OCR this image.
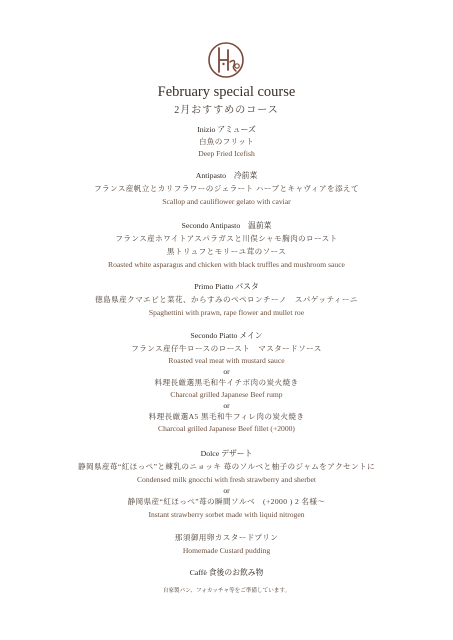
February special course
2月おすすめのコース
Inizio アミューズ
白魚のフリット
Deep Fried Icefish
Antipasto　冷前菜
フランス産帆立とカリフラワーのジェラート ハーブとキャヴィアを添えて
Scallop and cauliflower gelato with caviar
Secondo Antipasto　温前菜
フランス産ホワイトアスパラガスと川俣シャモ胸肉のロースト
黒トリュフとモリーユ茸のソース
Roasted white asparagus and chicken with black truffles and mushroom sauce
Primo Piatto パスタ
徳島県産クマエビと菜花、からすみのペペロンチーノ　スパゲッティーニ
Spaghettini with prawn, rape flower and mullet roe
Secondo Piatto メイン
フランス産仔牛ロースのロースト　マスタードソース
Roasted veal meat with mustard sauce
or
料理長厳選黒毛和牛イチボ肉の炭火焼き
Charcoal grilled Japanese Beef rump
or
料理長厳選A5 黒毛和牛フィレ肉の炭火焼き
Charcoal grilled Japanese Beef fillet (+2000)
Dolce デザート
静岡県産苺“紅ほっぺ”と練乳のニョッキ 苺のソルベと柚子のジャムをアクセントに
Condensed milk gnocchi with fresh strawberry and sherbet
or
静岡県産“紅ほっぺ”苺の瞬間ソルベ　(+2000 ) 2 名様～
Instant strawberry sorbet made with liquid nitrogen
那須御用卵カスタードプリン
Homemade Custard pudding
Caffè 食後のお飲み物
自家製パン、フォカッチャ等をご準備しています。
